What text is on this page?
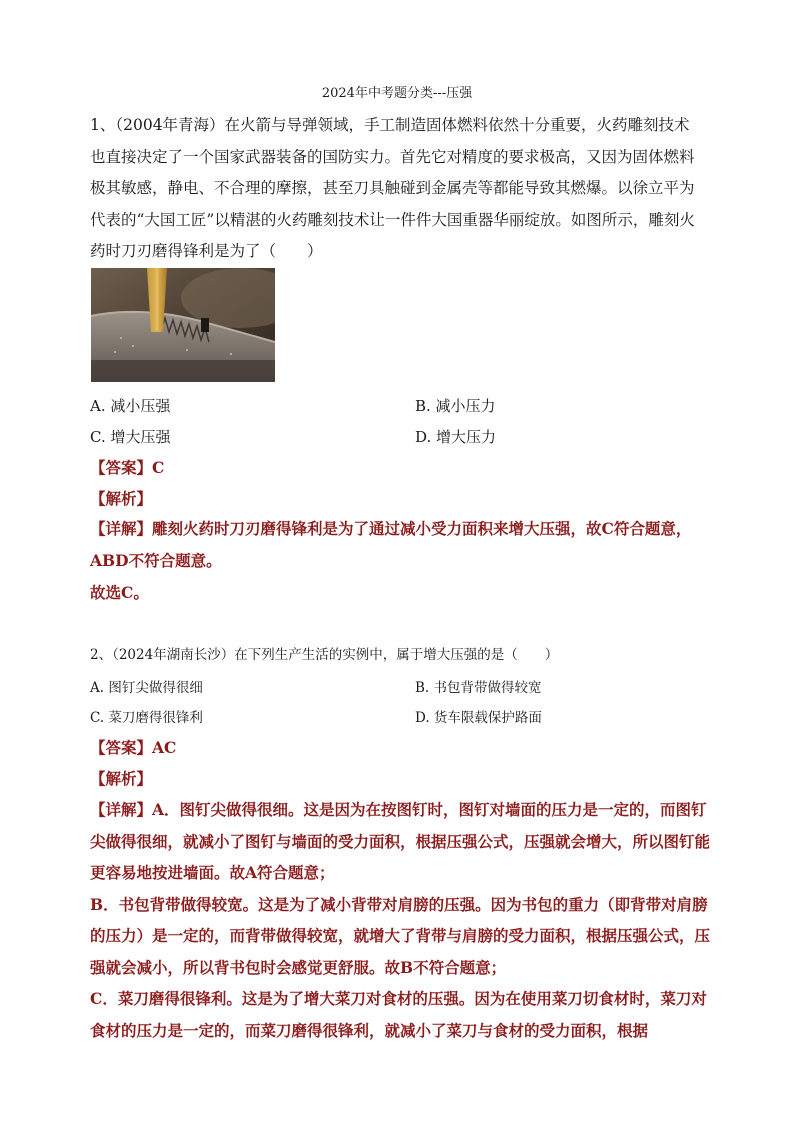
2024年中考题分类---压强
1、（2004年青海）在火箭与导弹领域，手工制造固体燃料依然十分重要，火药雕刻技术也直接决定了一个国家武器装备的国防实力。首先它对精度的要求极高，又因为固体燃料极其敏感，静电、不合理的摩擦，甚至刀具触碰到金属壳等都能导致其燃爆。以徐立平为代表的“大国工匠”以精湛的火药雕刻技术让一件件大国重器华丽绽放。如图所示，雕刻火药时刀刃磨得锋利是为了（　　）
A. 减小压强	B. 减小压力
C. 增大压强	D. 增大压力
【答案】C
【解析】
【详解】雕刻火药时刀刃磨得锋利是为了通过减小受力面积来增大压强，故C符合题意，ABD不符合题意。
故选C。
2、（2024年湖南长沙）在下列生产生活的实例中，属于增大压强的是（　　）
A. 图钉尖做得很细	B. 书包背带做得较宽
C. 菜刀磨得很锋利	D. 货车限载保护路面
【答案】AC
【解析】
【详解】A．图钉尖做得很细。这是因为在按图钉时，图钉对墙面的压力是一定的，而图钉尖做得很细，就减小了图钉与墙面的受力面积，根据压强公式，压强就会增大，所以图钉能更容易地按进墙面。故A符合题意；
B．书包背带做得较宽。这是为了减小背带对肩膀的压强。因为书包的重力（即背带对肩膀的压力）是一定的，而背带做得较宽，就增大了背带与肩膀的受力面积，根据压强公式，压强就会减小，所以背书包时会感觉更舒服。故B不符合题意；
C．菜刀磨得很锋利。这是为了增大菜刀对食材的压强。因为在使用菜刀切食材时，菜刀对食材的压力是一定的，而菜刀磨得很锋利，就减小了菜刀与食材的受力面积，根据
